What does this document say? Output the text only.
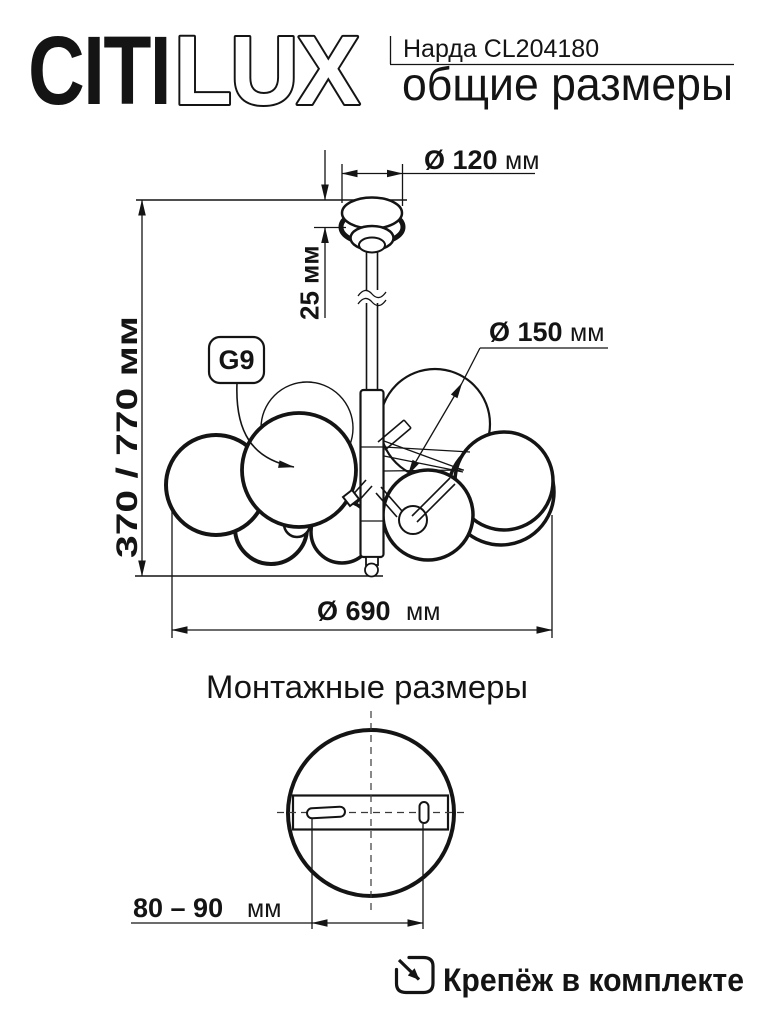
CITI LUX Нарда CL204180
общие размеры
Ø 120 мм
25 мм
370 / 770 мм
Ø 150 мм
Ø 690 мм
G9
Монтажные размеры
80 – 90 мм
Крепёж в комплекте
